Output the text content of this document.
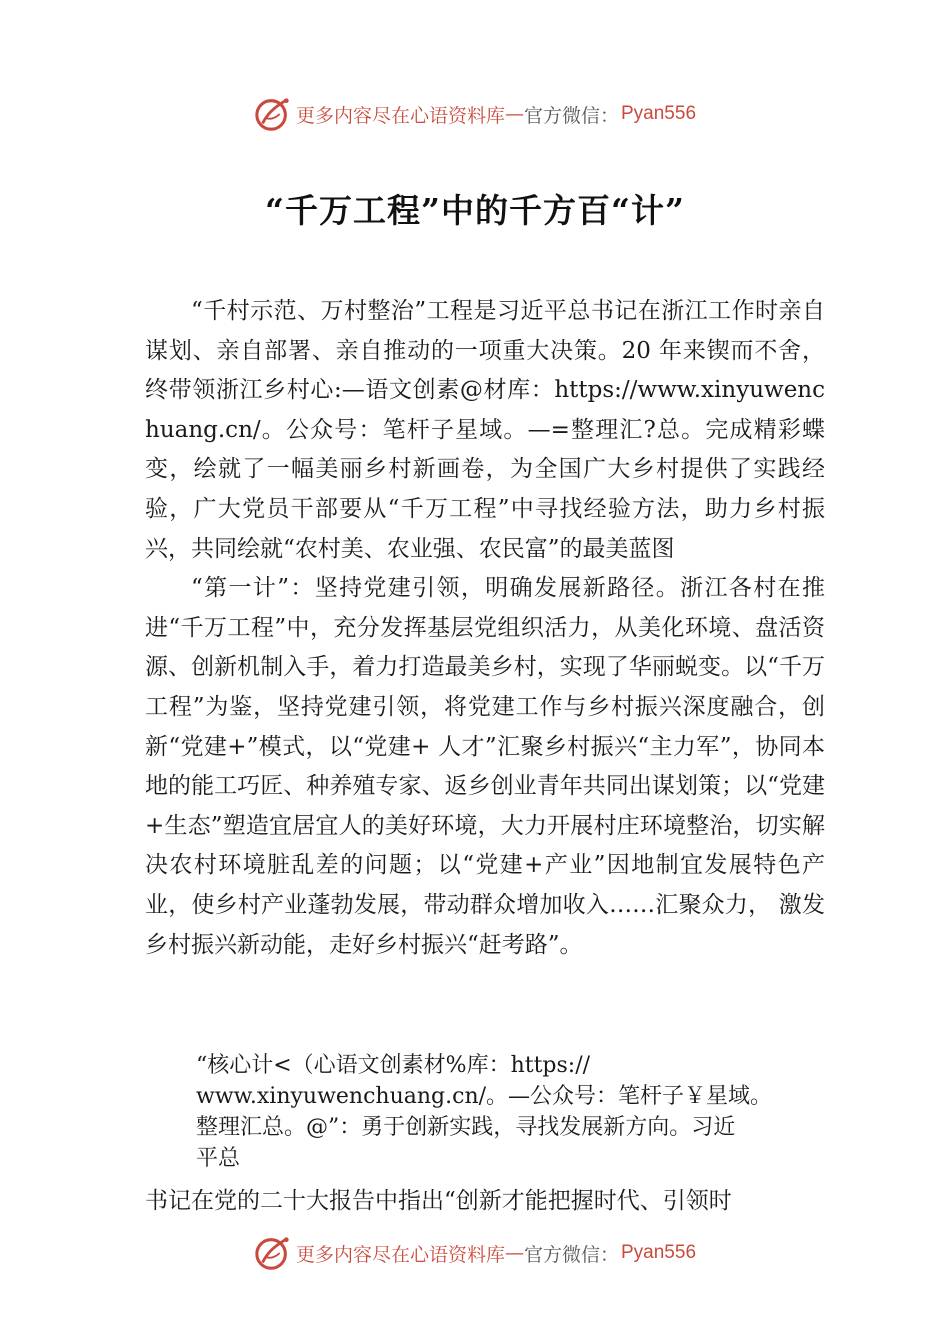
更多内容尽在心语资料库 — 官方微信： Pyan556
“千万工程”中的千方百“计”

“千村示范、万村整治”工程是习近平总书记在浙江工作时亲自谋划、亲自部署、亲自推动的一项重大决策。20 年来锲而不舍，终带领浙江乡村心:—语文创素@材库：https://www.xinyuwenchuang.cn/。公众号：笔杆子星域。—=整理汇?总。完成精彩蝶变，绘就了一幅美丽乡村新画卷，为全国广大乡村提供了实践经验，广大党员干部要从“千万工程”中寻找经验方法，助力乡村振兴，共同绘就“农村美、农业强、农民富”的最美蓝图

“第一计”：坚持党建引领，明确发展新路径。浙江各村在推进“千万工程”中，充分发挥基层党组织活力，从美化环境、盘活资源、创新机制入手，着力打造最美乡村，实现了华丽蜕变。以“千万工程”为鉴，坚持党建引领，将党建工作与乡村振兴深度融合，创新“党建+”模式，以“党建+ 人才”汇聚乡村振兴“主力军”，协同本地的能工巧匠、种养殖专家、返乡创业青年共同出谋划策；以“党建+生态”塑造宜居宜人的美好环境，大力开展村庄环境整治，切实解决农村环境脏乱差的问题；以“党建+产业”因地制宜发展特色产业，使乡村产业蓬勃发展，带动群众增加收入……汇聚众力， 激发乡村振兴新动能，走好乡村振兴“赶考路”。

“核心计<（心语文创素材%库：https://
www.xinyuwenchuang.cn/。—公众号：笔杆子￥星域。
整理汇总。@”：勇于创新实践，寻找发展新方向。习近
平总
书记在党的二十大报告中指出“创新才能把握时代、引领时
更多内容尽在心语资料库 — 官方微信： Pyan556
